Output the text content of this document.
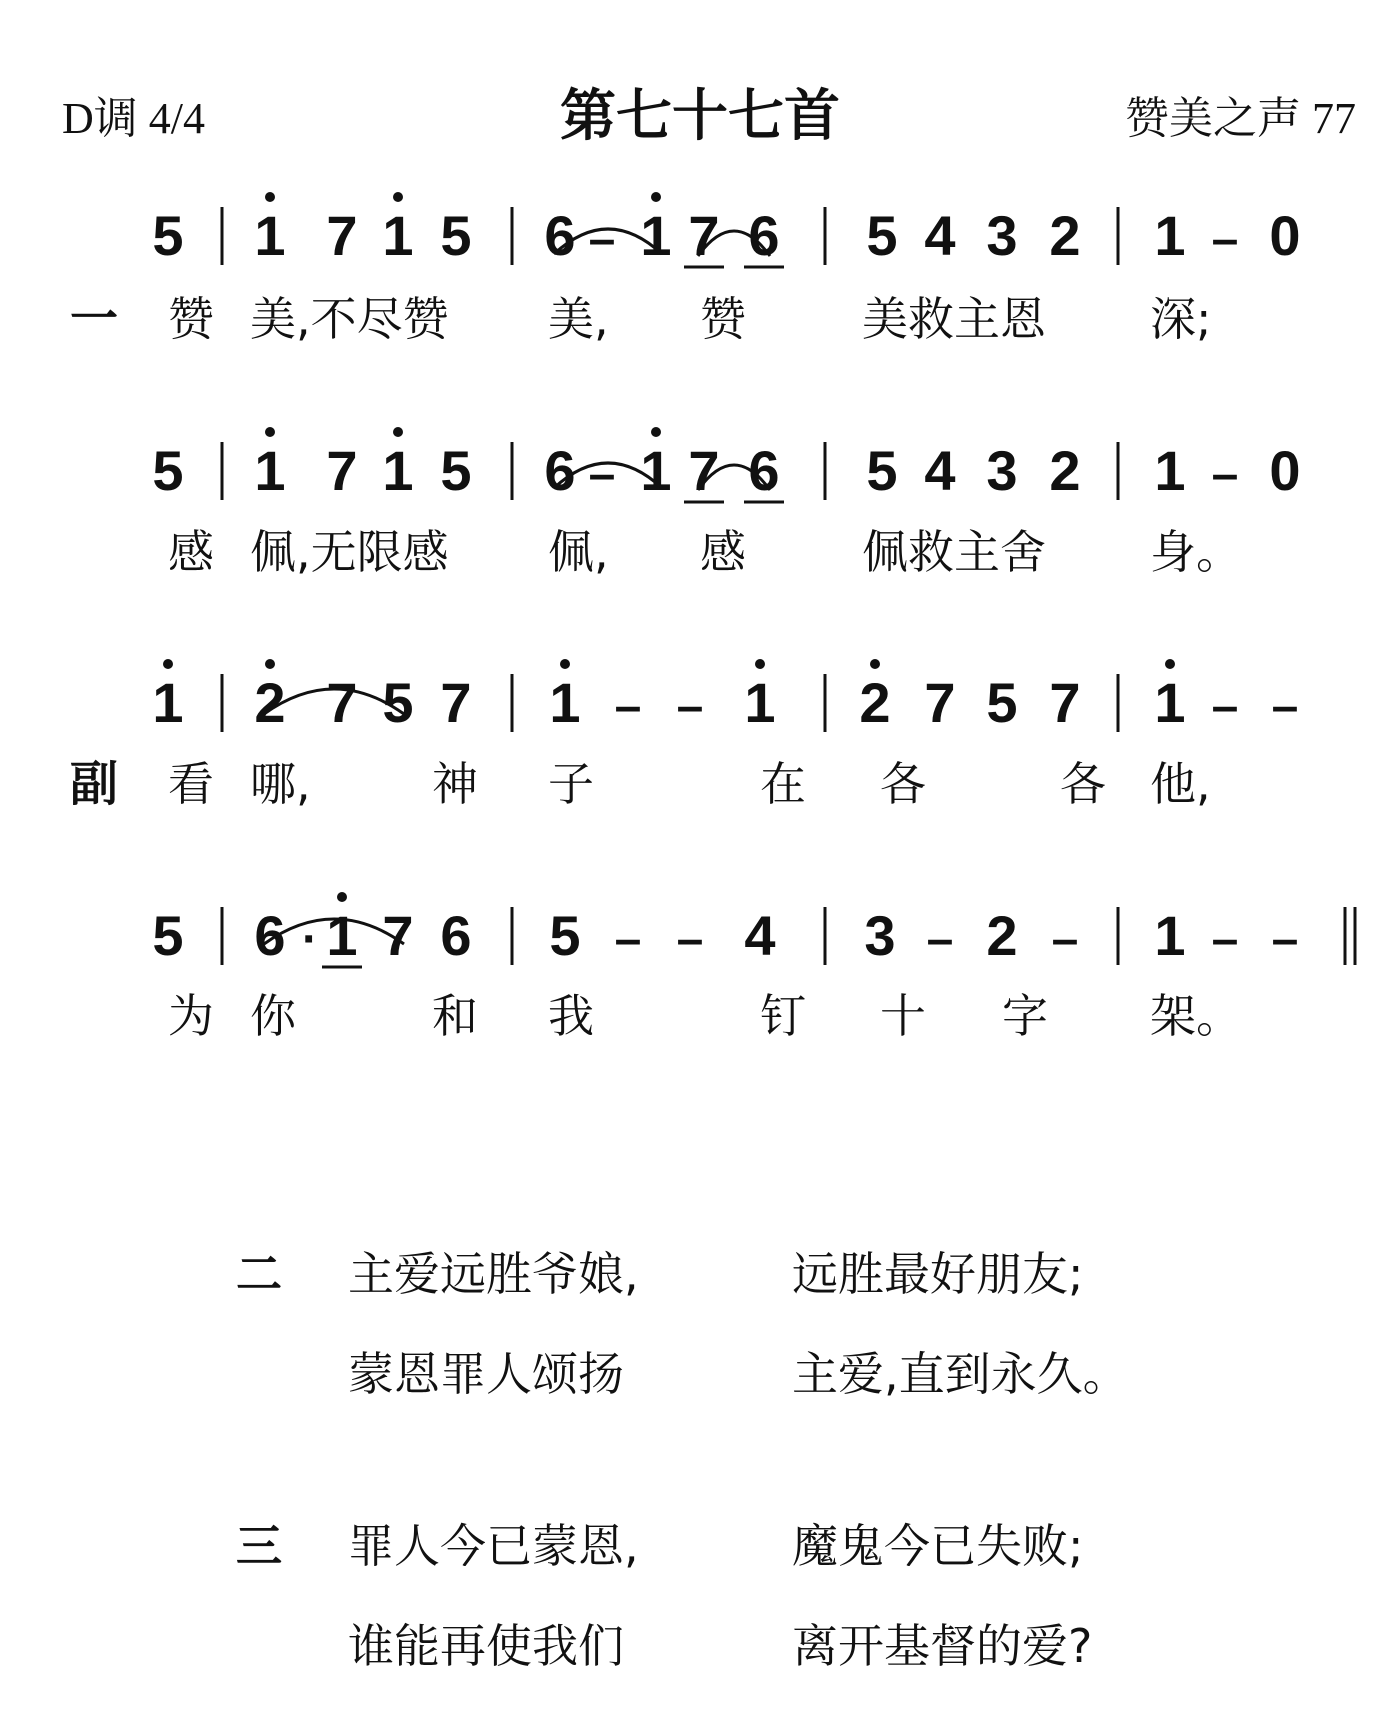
D调 4/4	第七十七首	赞美之声 77
一
5 1 7 1 5 6 – 1 7 6 5 4 3 2 1 – 0
赞 美,不尽赞 美, 赞	美救主恩 深;
5 1 7 1 5 6 – 1 7 6 5 4 3 2 1 – 0
感 佩,无限感 佩, 感	佩救主舍 身。
副
1 2 7 5 7 1 – – 1 2 7 5 7 1 – –
看 哪,	神 子	在 各	各 他,
5 6 · 1 7 6 5 – – 4 3 – 2 – 1 – –
为 你	和 我	钉 十 字 架。
二 主爱远胜爷娘,	远胜最好朋友;
蒙恩罪人颂扬	主爱,直到永久。
三 罪人今已蒙恩,	魔鬼今已失败;
谁能再使我们	离开基督的爱?
